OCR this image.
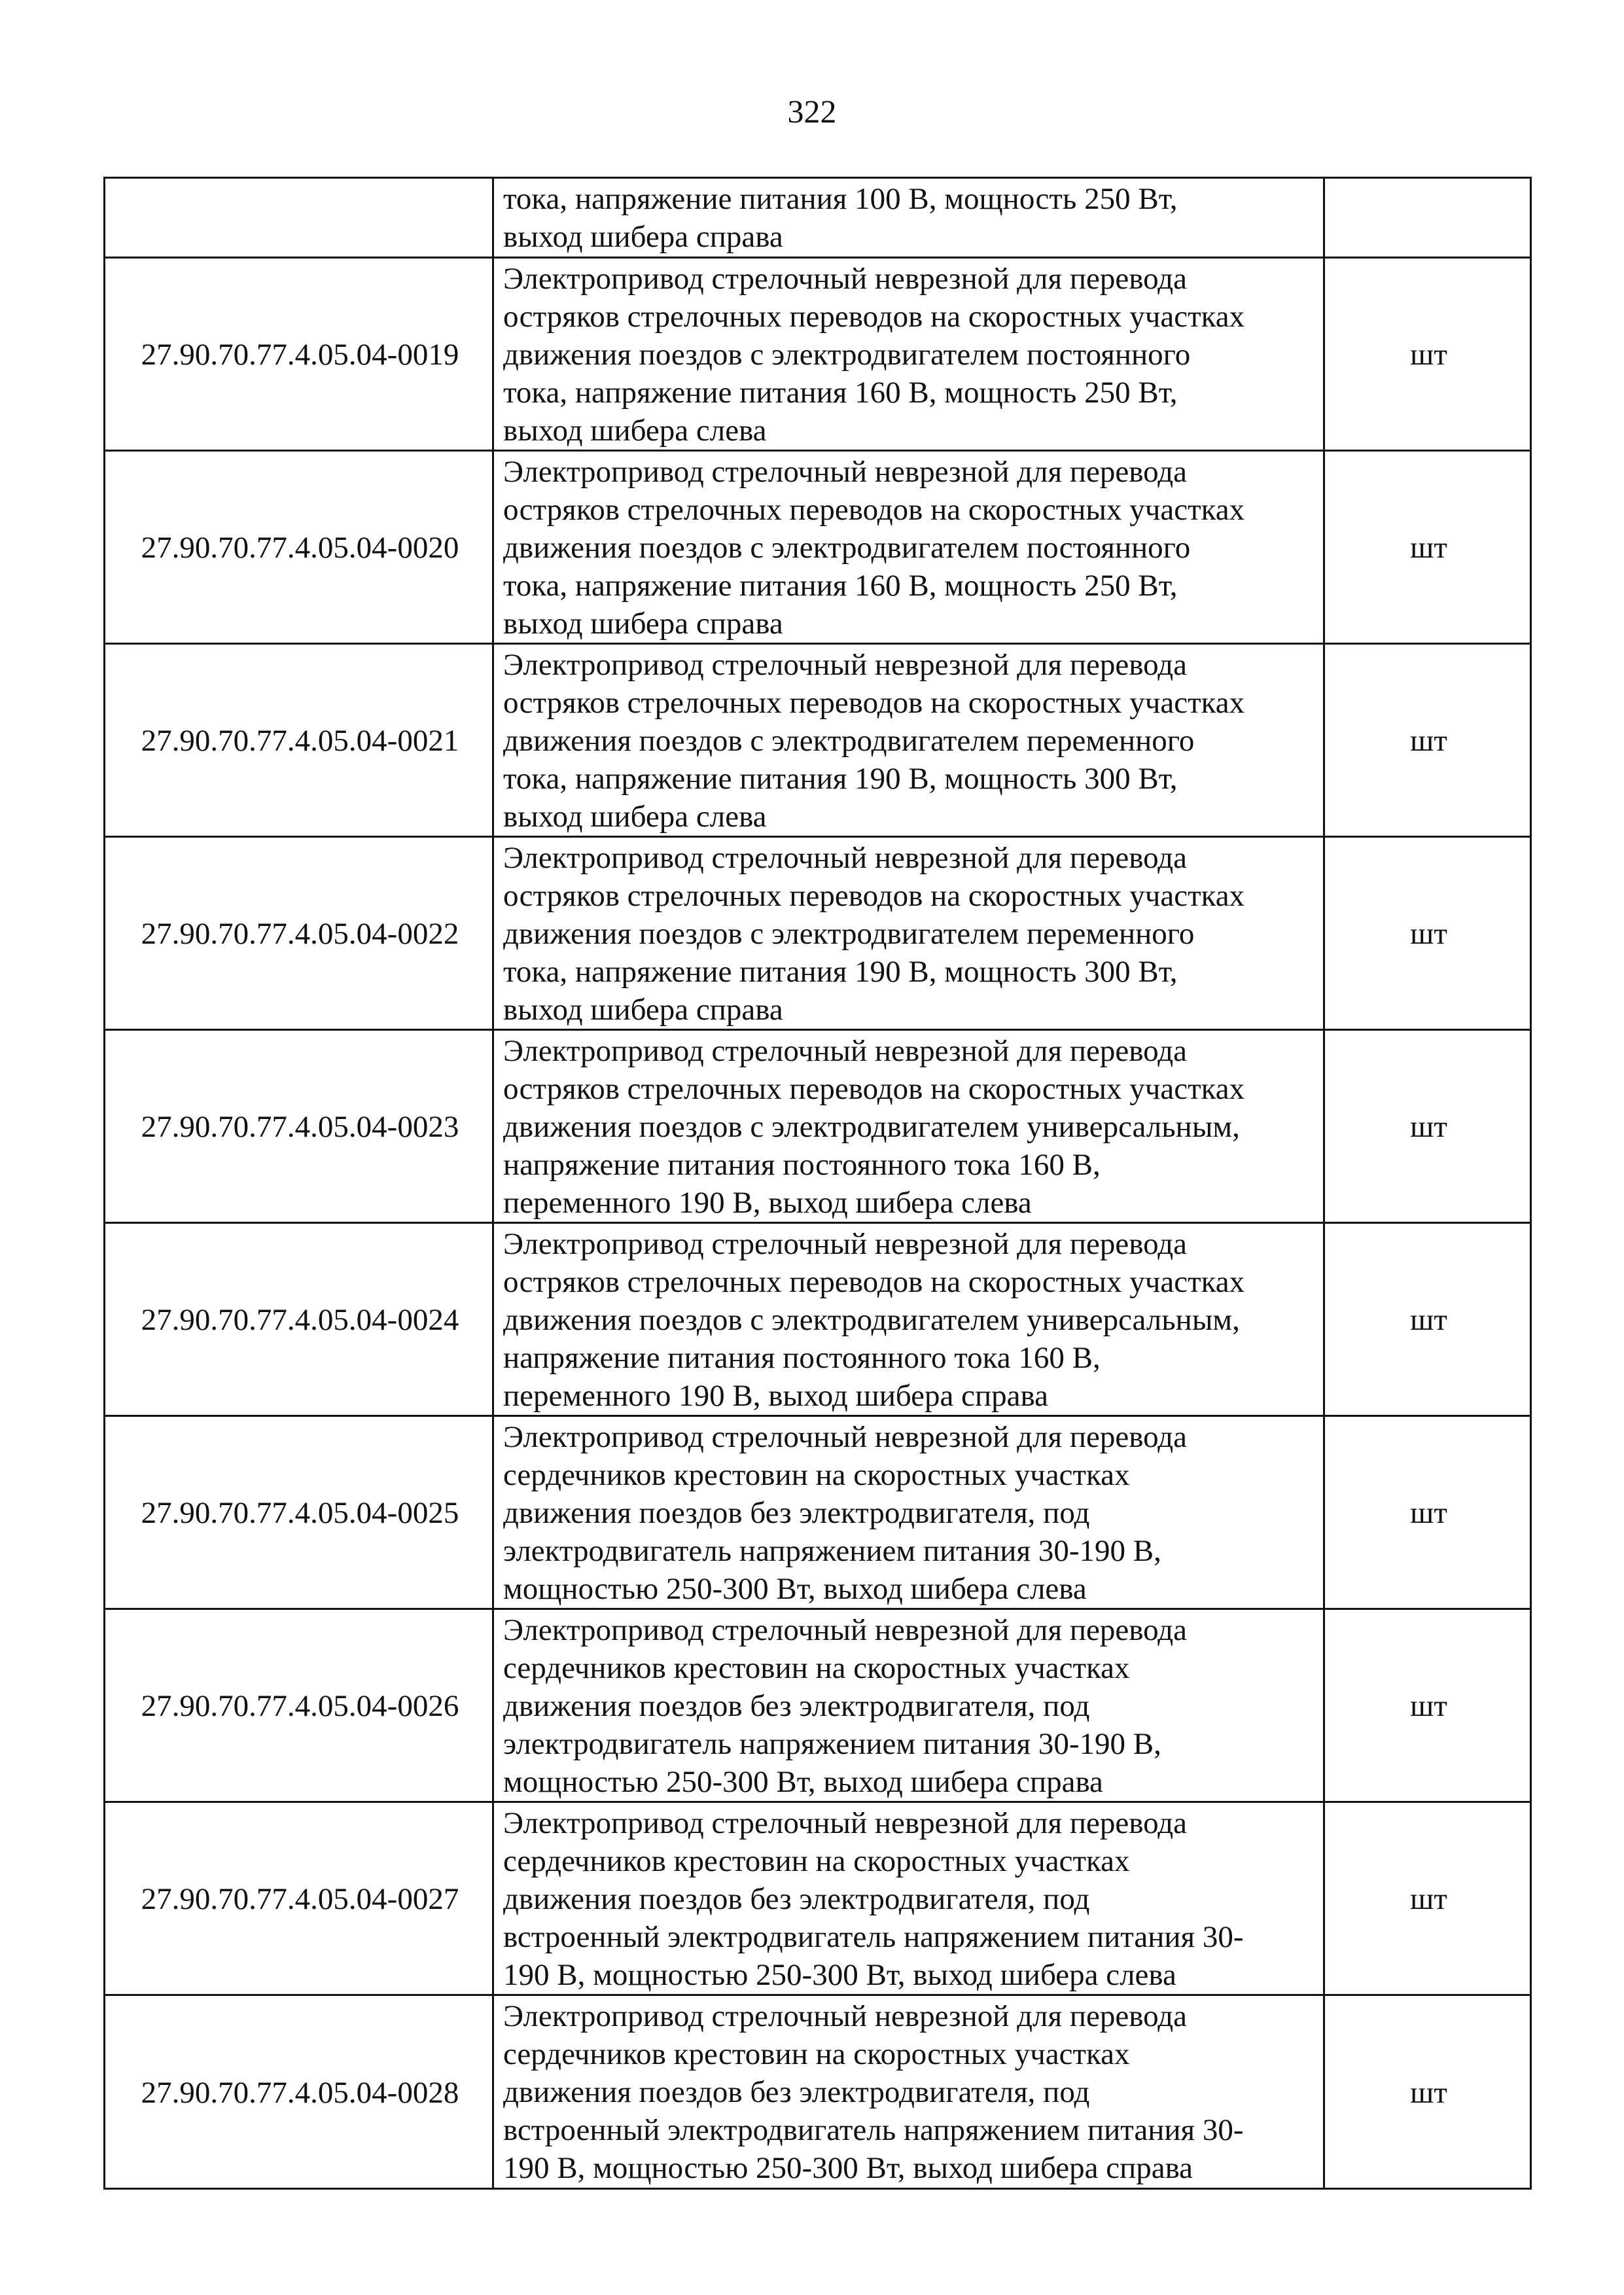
322

	тока, напряжение питания 100 В, мощность 250 Вт,
выход шибера справа	

27.90.70.77.4.05.04-0019	Электропривод стрелочный неврезной для перевода
остряков стрелочных переводов на скоростных участках
движения поездов с электродвигателем постоянного
тока, напряжение питания 160 В, мощность 250 Вт,
выход шибера слева	шт
27.90.70.77.4.05.04-0020	Электропривод стрелочный неврезной для перевода
остряков стрелочных переводов на скоростных участках
движения поездов с электродвигателем постоянного
тока, напряжение питания 160 В, мощность 250 Вт,
выход шибера справа	шт
27.90.70.77.4.05.04-0021	Электропривод стрелочный неврезной для перевода
остряков стрелочных переводов на скоростных участках
движения поездов с электродвигателем переменного
тока, напряжение питания 190 В, мощность 300 Вт,
выход шибера слева	шт
27.90.70.77.4.05.04-0022	Электропривод стрелочный неврезной для перевода
остряков стрелочных переводов на скоростных участках
движения поездов с электродвигателем переменного
тока, напряжение питания 190 В, мощность 300 Вт,
выход шибера справа	шт
27.90.70.77.4.05.04-0023	Электропривод стрелочный неврезной для перевода
остряков стрелочных переводов на скоростных участках
движения поездов с электродвигателем универсальным,
напряжение питания постоянного тока 160 В,
переменного 190 В, выход шибера слева	шт
27.90.70.77.4.05.04-0024	Электропривод стрелочный неврезной для перевода
остряков стрелочных переводов на скоростных участках
движения поездов с электродвигателем универсальным,
напряжение питания постоянного тока 160 В,
переменного 190 В, выход шибера справа	шт
27.90.70.77.4.05.04-0025	Электропривод стрелочный неврезной для перевода
сердечников крестовин на скоростных участках
движения поездов без электродвигателя, под
электродвигатель напряжением питания 30-190 В,
мощностью 250-300 Вт, выход шибера слева	шт
27.90.70.77.4.05.04-0026	Электропривод стрелочный неврезной для перевода
сердечников крестовин на скоростных участках
движения поездов без электродвигателя, под
электродвигатель напряжением питания 30-190 В,
мощностью 250-300 Вт, выход шибера справа	шт
27.90.70.77.4.05.04-0027	Электропривод стрелочный неврезной для перевода
сердечников крестовин на скоростных участках
движения поездов без электродвигателя, под
встроенный электродвигатель напряжением питания 30-
190 В, мощностью 250-300 Вт, выход шибера слева	шт
27.90.70.77.4.05.04-0028	Электропривод стрелочный неврезной для перевода
сердечников крестовин на скоростных участках
движения поездов без электродвигателя, под
встроенный электродвигатель напряжением питания 30-
190 В, мощностью 250-300 Вт, выход шибера справа	шт
